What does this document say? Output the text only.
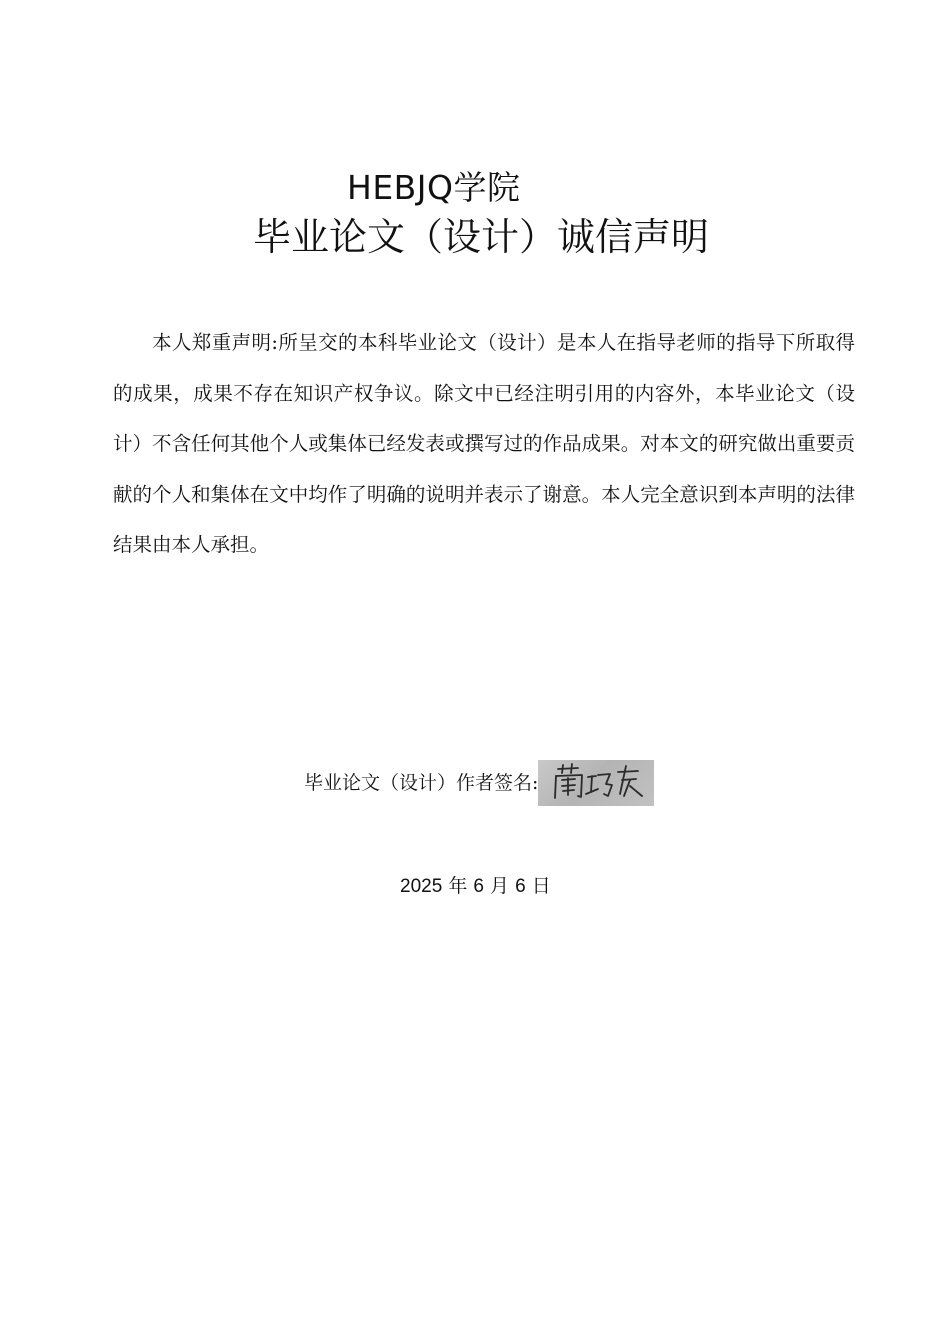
HEBJQ学院
毕业论文（设计）诚信声明

本人郑重声明:所呈交的本科毕业论文（设计）是本人在指导老师的指导下所取得的成果，成果不存在知识产权争议。除文中已经注明引用的内容外，本毕业论文（设计）不含任何其他个人或集体已经发表或撰写过的作品成果。对本文的研究做出重要贡献的个人和集体在文中均作了明确的说明并表示了谢意。本人完全意识到本声明的法律结果由本人承担。

毕业论文（设计）作者签名:
2025 年 6 月 6 日
